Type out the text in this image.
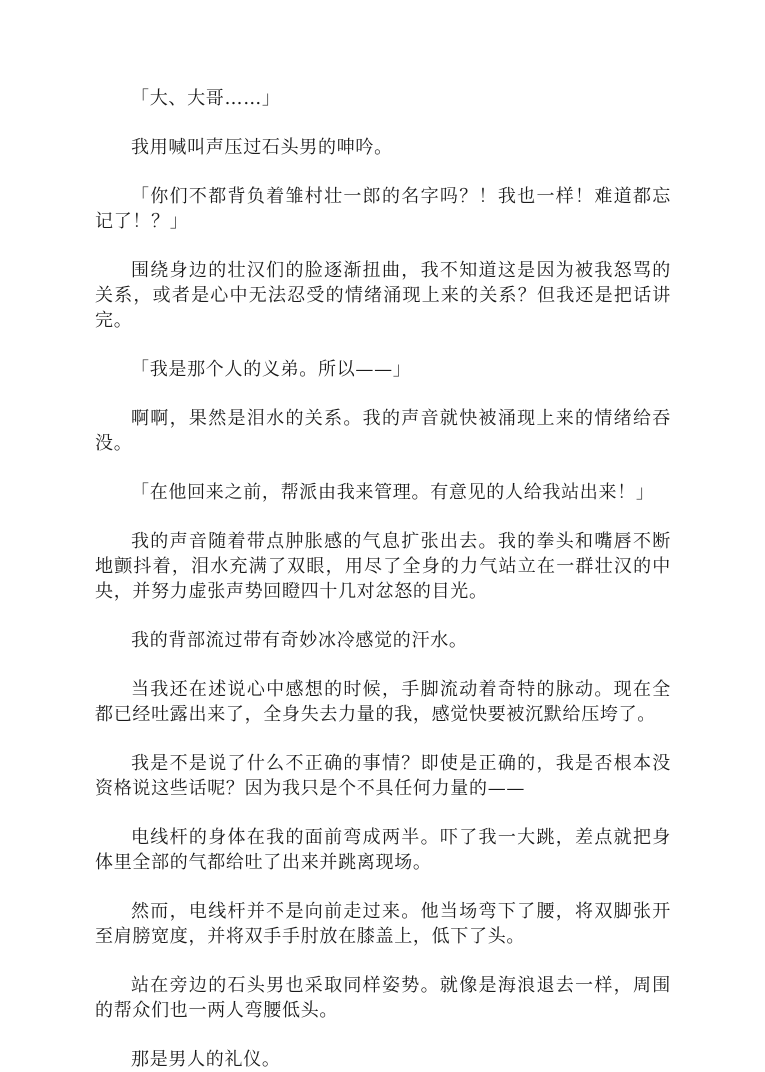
「大、大哥……」

我用喊叫声压过石头男的呻吟。

「你们不都背负着雏村壮一郎的名字吗？！我也一样！难道都忘记了！？」

围绕身边的壮汉们的脸逐渐扭曲，我不知道这是因为被我怒骂的关系，或者是心中无法忍受的情绪涌现上来的关系？但我还是把话讲完。

「我是那个人的义弟。所以——」

啊啊，果然是泪水的关系。我的声音就快被涌现上来的情绪给吞没。

「在他回来之前，帮派由我来管理。有意见的人给我站出来！」

我的声音随着带点肿胀感的气息扩张出去。我的拳头和嘴唇不断地颤抖着，泪水充满了双眼，用尽了全身的力气站立在一群壮汉的中央，并努力虚张声势回瞪四十几对忿怒的目光。

我的背部流过带有奇妙冰冷感觉的汗水。

当我还在述说心中感想的时候，手脚流动着奇特的脉动。现在全都已经吐露出来了，全身失去力量的我，感觉快要被沉默给压垮了。

我是不是说了什么不正确的事情？即使是正确的，我是否根本没资格说这些话呢？因为我只是个不具任何力量的——

电线杆的身体在我的面前弯成两半。吓了我一大跳，差点就把身体里全部的气都给吐了出来并跳离现场。

然而，电线杆并不是向前走过来。他当场弯下了腰，将双脚张开至肩膀宽度，并将双手手肘放在膝盖上，低下了头。

站在旁边的石头男也采取同样姿势。就像是海浪退去一样，周围的帮众们也一两人弯腰低头。

那是男人的礼仪。
